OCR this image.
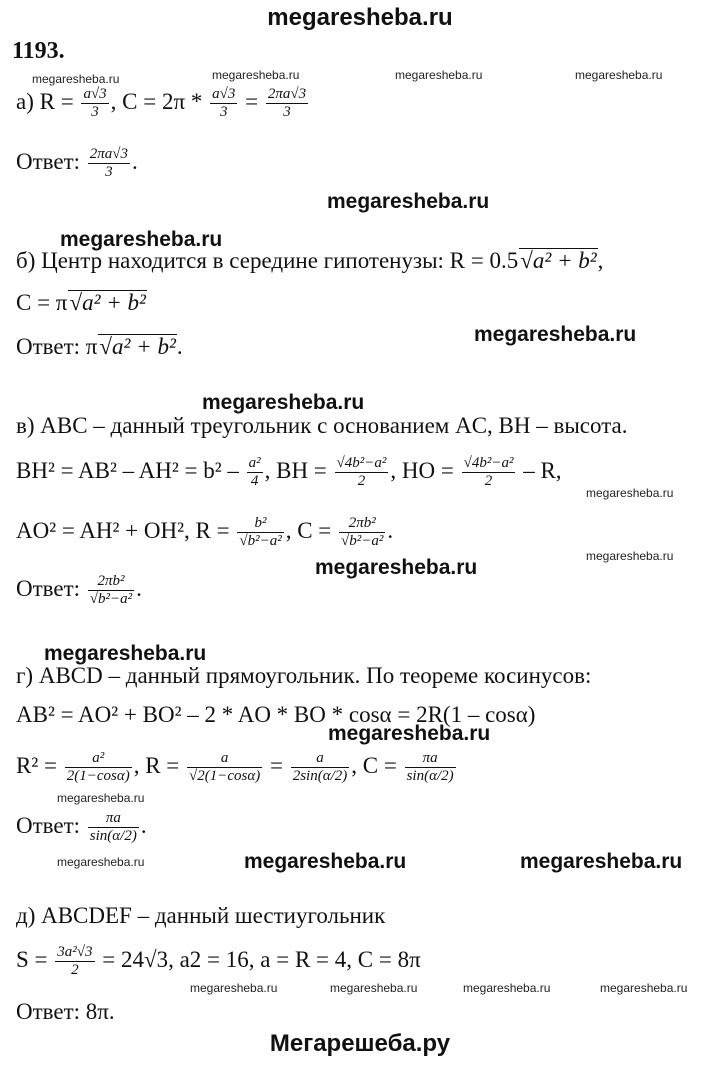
megaresheba.ru
1193.
megaresheba.ru	megaresheba.ru	megaresheba.ru	megaresheba.ru
megaresheba.ru
megaresheba.ru
megaresheba.ru
megaresheba.ru
megaresheba.ru
megaresheba.ru
megaresheba.ru
megaresheba.ru
megaresheba.ru
megaresheba.ru
megaresheba.ru	megaresheba.ru	megaresheba.ru
megaresheba.ru	megaresheba.ru	megaresheba.ru	megaresheba.ru
а) $R = \frac{a√3}{3}$ , $C = 2\pi * \frac{a√3}{3} = \frac{2\pi a√3}{3}$
Ответ: $\frac{2\pi a√3}{3}$ .
б) Центр находится в середине гипотенузы: R = 0.5√a² + b²,
C = π√a² + b²
Ответ: π√a² + b².
в) ABC – данный треугольник с основанием AC, BH – высота.
$BH^2 = AB^2 - AH^2 = b^2 - \frac{\text{a²}}{4}$ , BH = $\frac{\text{√4b²−a²}}{2}$ , HO = $\frac{\text{√4b²−a²}}{2}$ – R,
AO² = AH² + OH², $R = \frac{\text{b²}}{\text{√b²−a²}}$ , $C = \frac{\text{2πb²}}{\text{√b²−a²}}$ .
Ответ: $\frac{\text{2πb²}}{\text{√b²−a²}}$ .
г) ABCD – данный прямоугольник. По теореме косинусов:
AB² = AO² + BO² – 2 * AO * BO * cosα = 2R(1 – cosα)
$R^2 = \frac{\text{a²}}{2(1-\cos\alpha)}$ , $R = \frac{a}{√2(1-\cos\alpha)} = \frac{a}{2\sin(\alpha/2)}$ , $C = \frac{\pi a}{\sin(\alpha/2)}$
Ответ: $\frac{\pi a}{\sin(\alpha/2)}$ .
д) ABCDEF – данный шестиугольник
$S = \frac{\text{3a²√3}}{2} = 24√3$, a2 = 16, a = R = 4, C = 8π
Ответ: 8π.
Мегарешеба.ру
